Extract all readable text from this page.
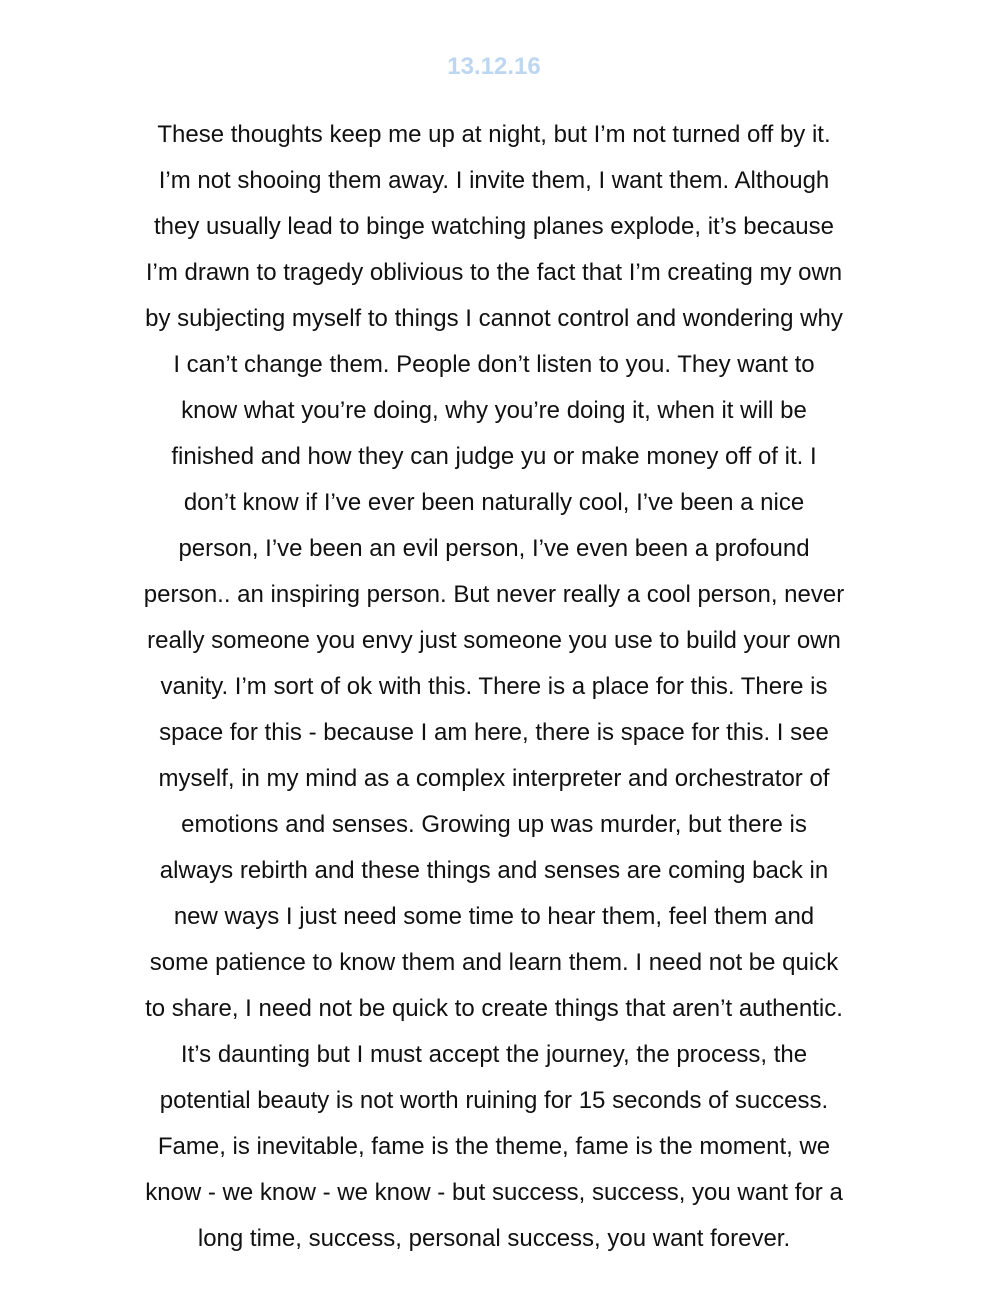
13.12.16
These thoughts keep me up at night, but I’m not turned off by it.
I’m not shooing them away. I invite them, I want them. Although
they usually lead to binge watching planes explode, it’s because
I’m drawn to tragedy oblivious to the fact that I’m creating my own
by subjecting myself to things I cannot control and wondering why
I can’t change them. People don’t listen to you. They want to
know what you’re doing, why you’re doing it, when it will be
finished and how they can judge yu or make money off of it. I
don’t know if I’ve ever been naturally cool, I’ve been a nice
person, I’ve been an evil person, I’ve even been a profound
person.. an inspiring person. But never really a cool person, never
really someone you envy just someone you use to build your own
vanity. I’m sort of ok with this. There is a place for this. There is
space for this - because I am here, there is space for this. I see
myself, in my mind as a complex interpreter and orchestrator of
emotions and senses. Growing up was murder, but there is
always rebirth and these things and senses are coming back in
new ways I just need some time to hear them, feel them and
some patience to know them and learn them. I need not be quick
to share, I need not be quick to create things that aren’t authentic.
It’s daunting but I must accept the journey, the process, the
potential beauty is not worth ruining for 15 seconds of success.
Fame, is inevitable, fame is the theme, fame is the moment, we
know - we know - we know - but success, success, you want for a
long time, success, personal success, you want forever.
